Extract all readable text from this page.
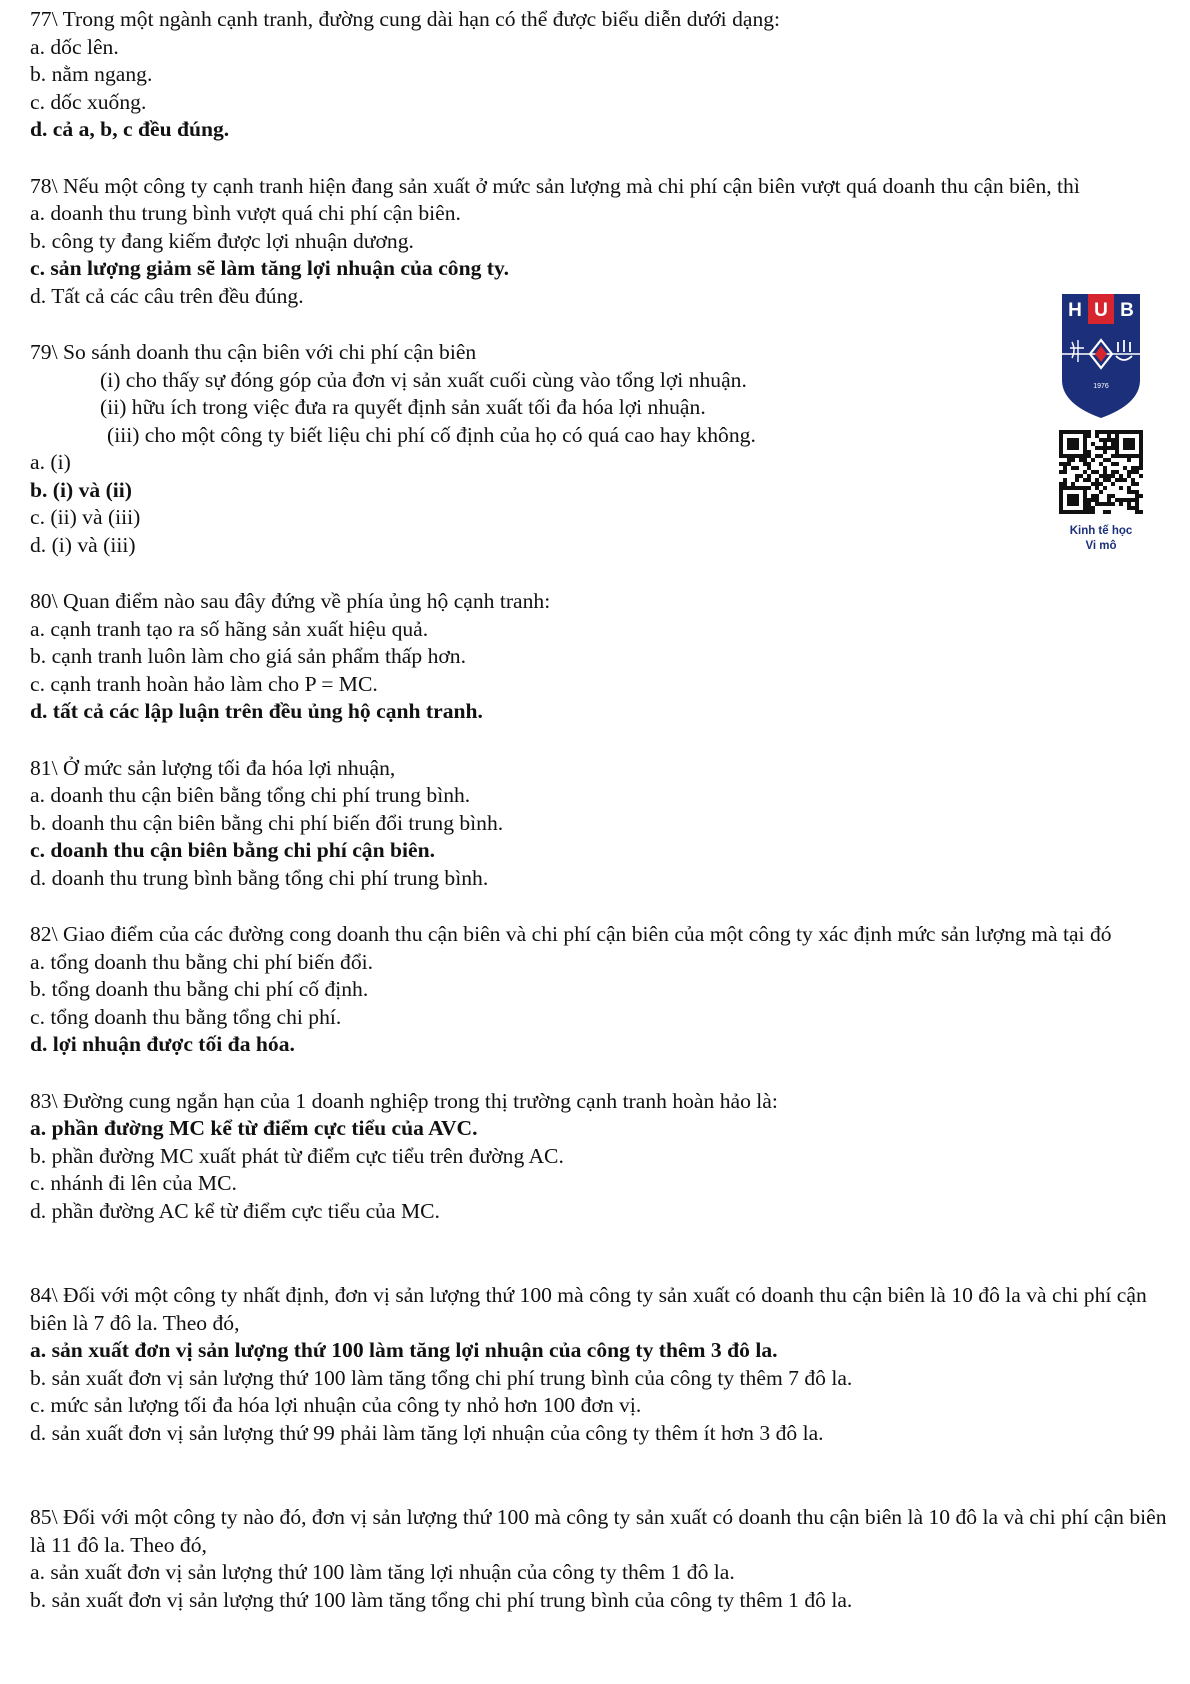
77\ Trong một ngành cạnh tranh, đường cung dài hạn có thể được biểu diễn dưới dạng:

a. dốc lên.

b. nằm ngang.

c. dốc xuống.

d. cả a, b, c đều đúng.

78\ Nếu một công ty cạnh tranh hiện đang sản xuất ở mức sản lượng mà chi phí cận biên vượt quá doanh thu cận biên, thì

a. doanh thu trung bình vượt quá chi phí cận biên.

b. công ty đang kiếm được lợi nhuận dương.

c. sản lượng giảm sẽ làm tăng lợi nhuận của công ty.

d. Tất cả các câu trên đều đúng.

79\ So sánh doanh thu cận biên với chi phí cận biên

(i) cho thấy sự đóng góp của đơn vị sản xuất cuối cùng vào tổng lợi nhuận.

(ii) hữu ích trong việc đưa ra quyết định sản xuất tối đa hóa lợi nhuận.

(iii) cho một công ty biết liệu chi phí cố định của họ có quá cao hay không.

a. (i)

b. (i) và (ii)

c. (ii) và (iii)

d. (i) và (iii)

80\ Quan điểm nào sau đây đứng về phía ủng hộ cạnh tranh:

a. cạnh tranh tạo ra số hãng sản xuất hiệu quả.

b. cạnh tranh luôn làm cho giá sản phẩm thấp hơn.

c. cạnh tranh hoàn hảo làm cho P = MC.

d. tất cả các lập luận trên đều ủng hộ cạnh tranh.

81\ Ở mức sản lượng tối đa hóa lợi nhuận,

a. doanh thu cận biên bằng tổng chi phí trung bình.

b. doanh thu cận biên bằng chi phí biến đổi trung bình.

c. doanh thu cận biên bằng chi phí cận biên.

d. doanh thu trung bình bằng tổng chi phí trung bình.

82\ Giao điểm của các đường cong doanh thu cận biên và chi phí cận biên của một công ty xác định mức sản lượng mà tại đó

a. tổng doanh thu bằng chi phí biến đổi.

b. tổng doanh thu bằng chi phí cố định.

c. tổng doanh thu bằng tổng chi phí.

d. lợi nhuận được tối đa hóa.

83\ Đường cung ngắn hạn của 1 doanh nghiệp trong thị trường cạnh tranh hoàn hảo là:

a. phần đường MC kể từ điểm cực tiểu của AVC.

b. phần đường MC xuất phát từ điểm cực tiểu trên đường AC.

c. nhánh đi lên của MC.

d. phần đường AC kể từ điểm cực tiểu của MC.

84\ Đối với một công ty nhất định, đơn vị sản lượng thứ 100 mà công ty sản xuất có doanh thu cận biên là 10 đô la và chi phí cận biên là 7 đô la. Theo đó,

a. sản xuất đơn vị sản lượng thứ 100 làm tăng lợi nhuận của công ty thêm 3 đô la.

b. sản xuất đơn vị sản lượng thứ 100 làm tăng tổng chi phí trung bình của công ty thêm 7 đô la.

c. mức sản lượng tối đa hóa lợi nhuận của công ty nhỏ hơn 100 đơn vị.

d. sản xuất đơn vị sản lượng thứ 99 phải làm tăng lợi nhuận của công ty thêm ít hơn 3 đô la.

85\ Đối với một công ty nào đó, đơn vị sản lượng thứ 100 mà công ty sản xuất có doanh thu cận biên là 10 đô la và chi phí cận biên là 11 đô la. Theo đó,

a. sản xuất đơn vị sản lượng thứ 100 làm tăng lợi nhuận của công ty thêm 1 đô la.

b. sản xuất đơn vị sản lượng thứ 100 làm tăng tổng chi phí trung bình của công ty thêm 1 đô la.

H U B
1976
Kinh tế học
Vi mô
